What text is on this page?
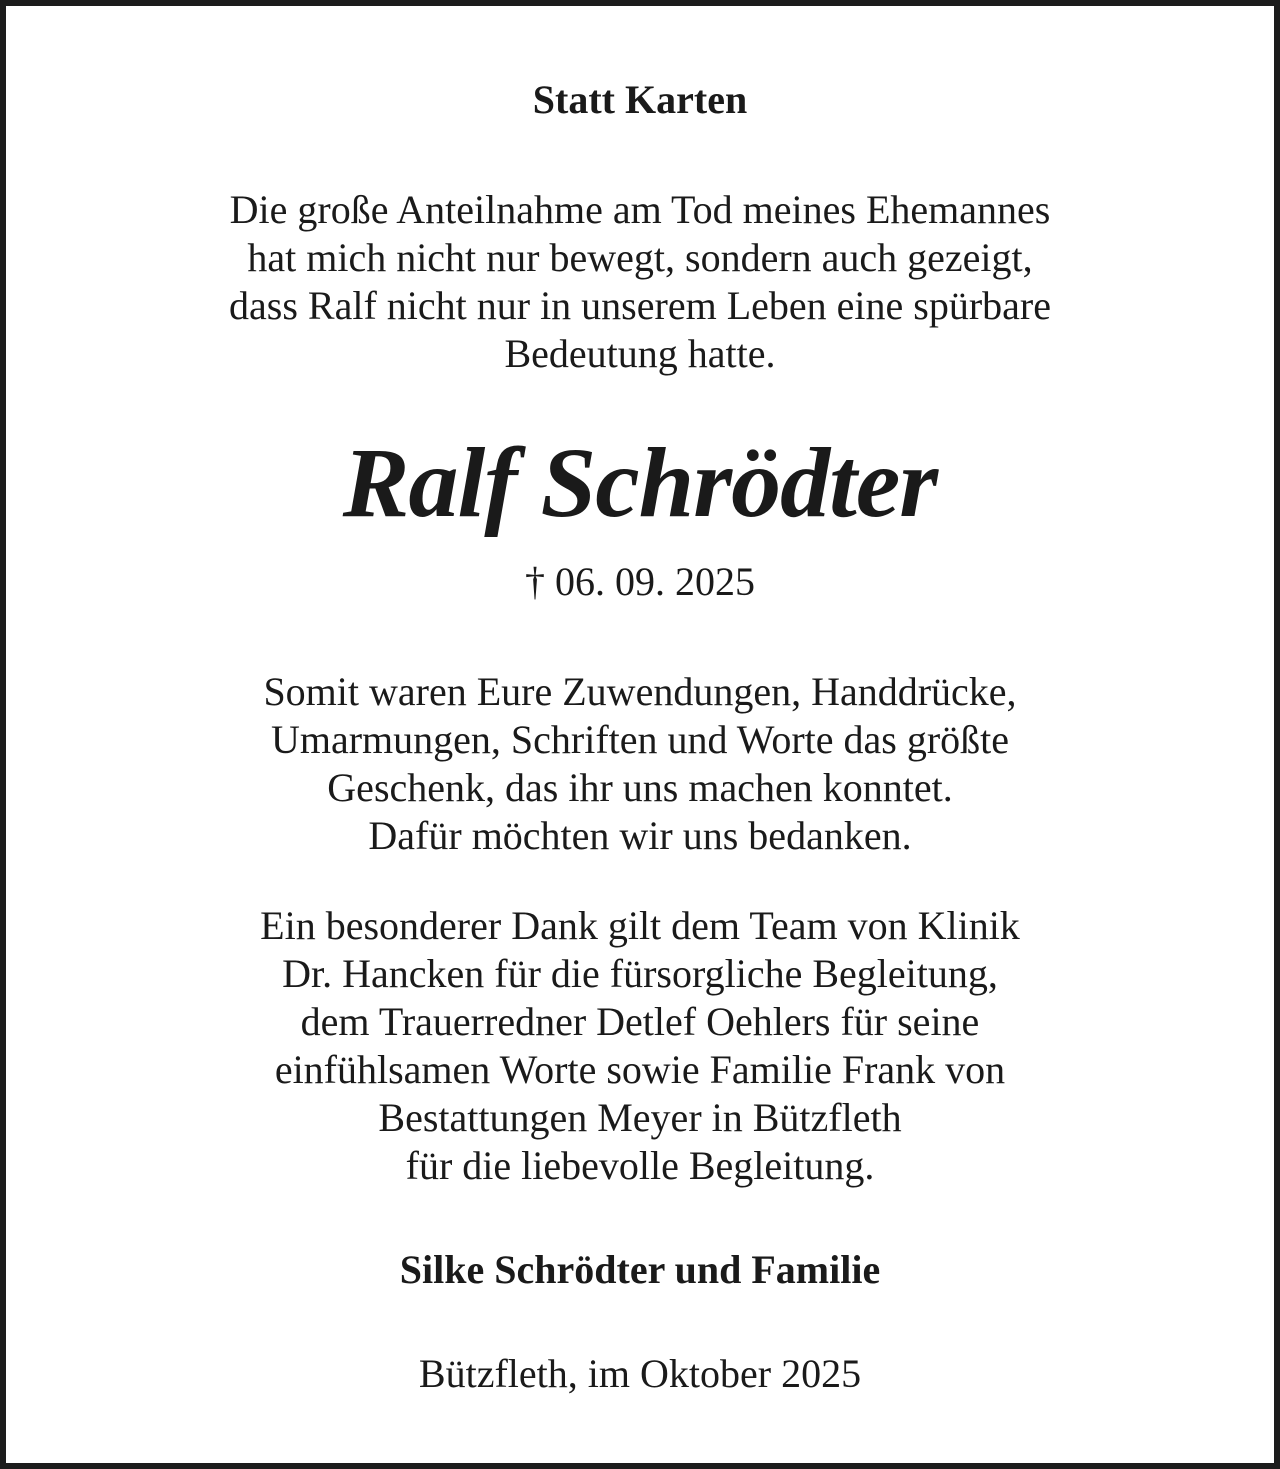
Statt Karten

Die große Anteilnahme am Tod meines Ehemannes

hat mich nicht nur bewegt, sondern auch gezeigt,

dass Ralf nicht nur in unserem Leben eine spürbare

Bedeutung hatte.

Ralf Schrödter

† 06. 09. 2025

Somit waren Eure Zuwendungen, Handdrücke,

Umarmungen, Schriften und Worte das größte

Geschenk, das ihr uns machen konntet.

Dafür möchten wir uns bedanken.

Ein besonderer Dank gilt dem Team von Klinik

Dr. Hancken für die fürsorgliche Begleitung,

dem Trauerredner Detlef Oehlers für seine

einfühlsamen Worte sowie Familie Frank von

Bestattungen Meyer in Bützfleth

für die liebevolle Begleitung.

Silke Schrödter und Familie

Bützfleth, im Oktober 2025
